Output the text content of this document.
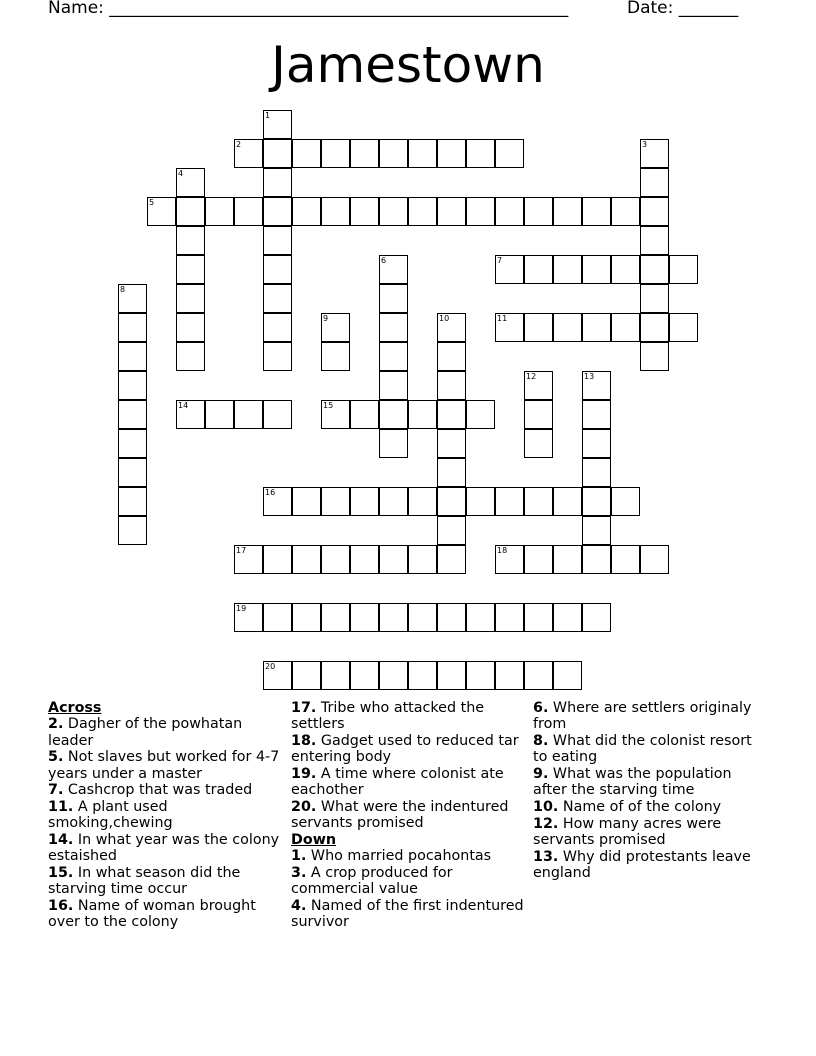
Name: ______________________________________________________	Date: _______
Jamestown
1
2	3
4
5
6	7
8
9	10	11
12	13
14	15
16
17	18
19
20
Across
2. Dagher of the powhatan leader
5. Not slaves but worked for 4-7 years under a master
7. Cashcrop that was traded
11. A plant used smoking,chewing
14. In what year was the colony estaished
15. In what season did the starving time occur
16. Name of woman brought over to the colony
17. Tribe who attacked the settlers
18. Gadget used to reduced tar entering body
19. A time where colonist ate eachother
20. What were the indentured servants promised
Down
1. Who married pocahontas
3. A crop produced for commercial value
4. Named of the first indentured survivor
6. Where are settlers originaly from
8. What did the colonist resort to eating
9. What was the population after the starving time
10. Name of of the colony
12. How many acres were servants promised
13. Why did protestants leave england
